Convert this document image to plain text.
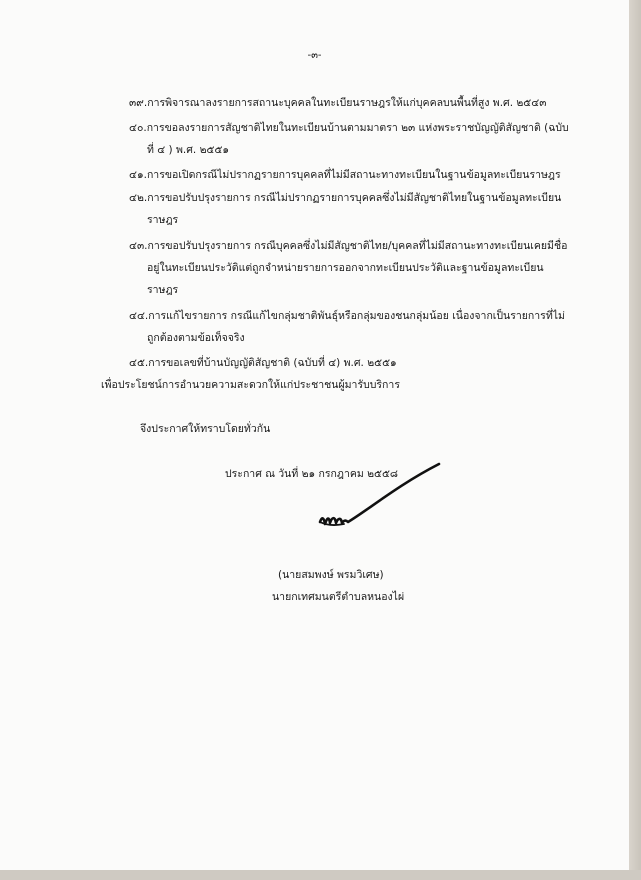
-๓-
๓๙.การพิจารณาลงรายการสถานะบุคคลในทะเบียนราษฎรให้แก่บุคคลบนพื้นที่สูง พ.ศ. ๒๕๔๓
๔๐.การขอลงรายการสัญชาติไทยในทะเบียนบ้านตามมาตรา ๒๓ แห่งพระราชบัญญัติสัญชาติ (ฉบับ
ที่ ๔ ) พ.ศ. ๒๕๕๑
๔๑.การขอเปิดกรณีไม่ปรากฏรายการบุคคลที่ไม่มีสถานะทางทะเบียนในฐานข้อมูลทะเบียนราษฎร
๔๒.การขอปรับปรุงรายการ กรณีไม่ปรากฏรายการบุคคลซึ่งไม่มีสัญชาติไทยในฐานข้อมูลทะเบียน
ราษฎร
๔๓.การขอปรับปรุงรายการ กรณีบุคคลซึ่งไม่มีสัญชาติไทย/บุคคลที่ไม่มีสถานะทางทะเบียนเคยมีชื่อ
อยู่ในทะเบียนประวัติแต่ถูกจำหน่ายรายการออกจากทะเบียนประวัติและฐานข้อมูลทะเบียน
ราษฎร
๔๔.การแก้ไขรายการ กรณีแก้ไขกลุ่มชาติพันธุ์หรือกลุ่มของชนกลุ่มน้อย เนื่องจากเป็นรายการที่ไม่
ถูกต้องตามข้อเท็จจริง
๔๕.การขอเลขที่บ้านบัญญัติสัญชาติ (ฉบับที่ ๔) พ.ศ. ๒๕๕๑
เพื่อประโยชน์การอำนวยความสะดวกให้แก่ประชาชนผู้มารับบริการ
จึงประกาศให้ทราบโดยทั่วกัน
ประกาศ ณ วันที่ ๒๑ กรกฎาคม ๒๕๕๘
(นายสมพงษ์ พรมวิเศษ)
นายกเทศมนตรีตำบลหนองไผ่
